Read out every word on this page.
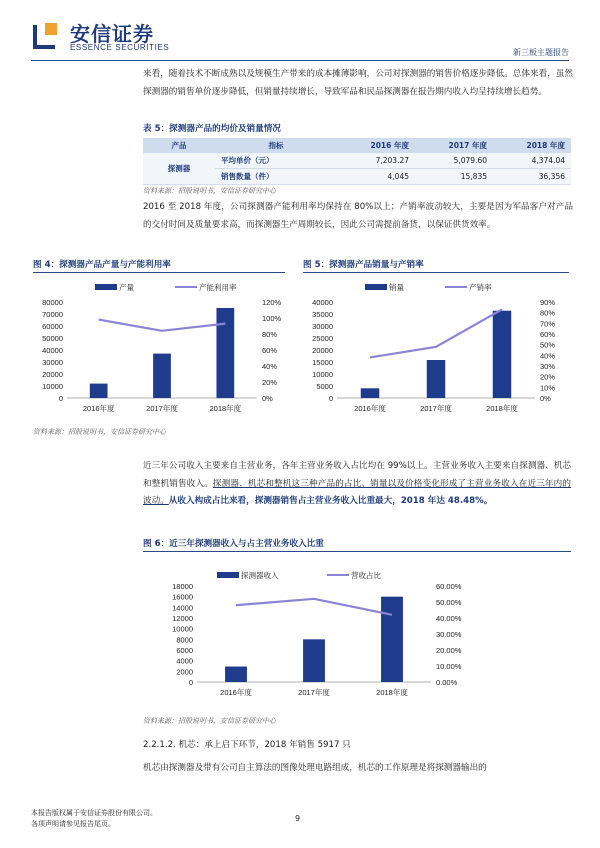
安信证券
ESSENCE SECURITIES
新三板主题报告
来看，随着技术不断成熟以及规模生产带来的成本摊薄影响，公司对探测器的销售价格逐步降低。总体来看，虽然探测器的销售单价逐步降低，但销量持续增长，导致军品和民品探测器在报告期内收入均呈持续增长趋势。
表 5：探测器产品的均价及销量情况
产品	指标	2016 年度	2017 年度	2018 年度
探测器	平均单价（元）	7,203.27	5,079.60	4,374.04
	销售数量（件）	4,045	15,835	36,356
资料来源：招股说明书，安信证券研究中心
2016 至 2018 年度，公司探测器产能利用率均保持在 80%以上；产销率波动较大，主要是因为军品客户对产品的交付时间及质量要求高，而探测器生产周期较长，因此公司需提前备货，以保证供货效率。
图 4：探测器产品产量与产能利用率
0
10000
20000
30000
40000
50000
60000
70000
80000
0%
20%
40%
60%
80%
100%
120%
2016年度	2017年度	2018年度
产量	产能利用率
图 5：探测器产品销量与产销率
0
5000
10000
15000
20000
25000
30000
35000
40000
0%
10%
20%
30%
40%
50%
60%
70%
80%
90%
2016年度	2017年度	2018年度
销量	产销率
资料来源：招股说明书，安信证券研究中心
近三年公司收入主要来自主营业务，各年主营业务收入占比均在 99%以上。主营业务收入主要来自探测器、机芯和整机销售收入。探测器、机芯和整机这三种产品的占比、销量以及价格变化形成了主营业务收入在近三年内的波动。从收入构成占比来看，探测器销售占主营业务收入比重最大，2018 年达 48.48%。
图 6：近三年探测器收入与占主营业务收入比重
0
2000
4000
6000
8000
10000
12000
14000
16000
18000
0.00%
10.00%
20.00%
30.00%
40.00%
50.00%
60.00%
2016年度	2017年度	2018年度
探测器收入	营收占比
资料来源：招股说明书，安信证券研究中心
2.2.1.2. 机芯：承上启下环节，2018 年销售 5917 只
机芯由探测器及带有公司自主算法的图像处理电路组成，机芯的工作原理是将探测器输出的
本报告版权属于安信证券股份有限公司。
各项声明请参见报告尾页。
9
